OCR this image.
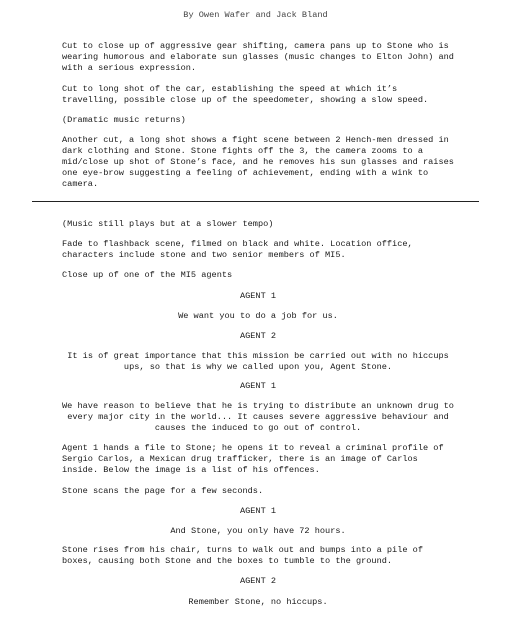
By Owen Wafer and Jack Bland

Cut to close up of aggressive gear shifting, camera pans up to Stone who is wearing humorous and elaborate sun glasses (music changes to Elton John) and with a serious expression.

Cut to long shot of the car, establishing the speed at which it’s travelling, possible close up of the speedometer, showing a slow speed.

(Dramatic music returns)

Another cut, a long shot shows a fight scene between 2 Hench-men dressed in dark clothing and Stone. Stone fights off the 3, the camera zooms to a mid/close up shot of Stone’s face, and he removes his sun glasses and raises one eye-brow suggesting a feeling of achievement, ending with a wink to camera.

(Music still plays but at a slower tempo)

Fade to flashback scene, filmed on black and white. Location office, characters include stone and two senior members of MI5.

Close up of one of the MI5 agents

AGENT 1
We want you to do a job for us.
AGENT 2
It is of great importance that this mission be carried out with no hiccups ups, so that is why we called upon you, Agent Stone.
AGENT 1
We have reason to believe that he is trying to distribute an unknown drug to every major city in the world... It causes severe aggressive behaviour and causes the induced to go out of control.

Agent 1 hands a file to Stone; he opens it to reveal a criminal profile of Sergio Carlos, a Mexican drug trafficker, there is an image of Carlos inside. Below the image is a list of his offences.

Stone scans the page for a few seconds.

AGENT 1
And Stone, you only have 72 hours.

Stone rises from his chair, turns to walk out and bumps into a pile of boxes, causing both Stone and the boxes to tumble to the ground.

AGENT 2
Remember Stone, no hiccups.
